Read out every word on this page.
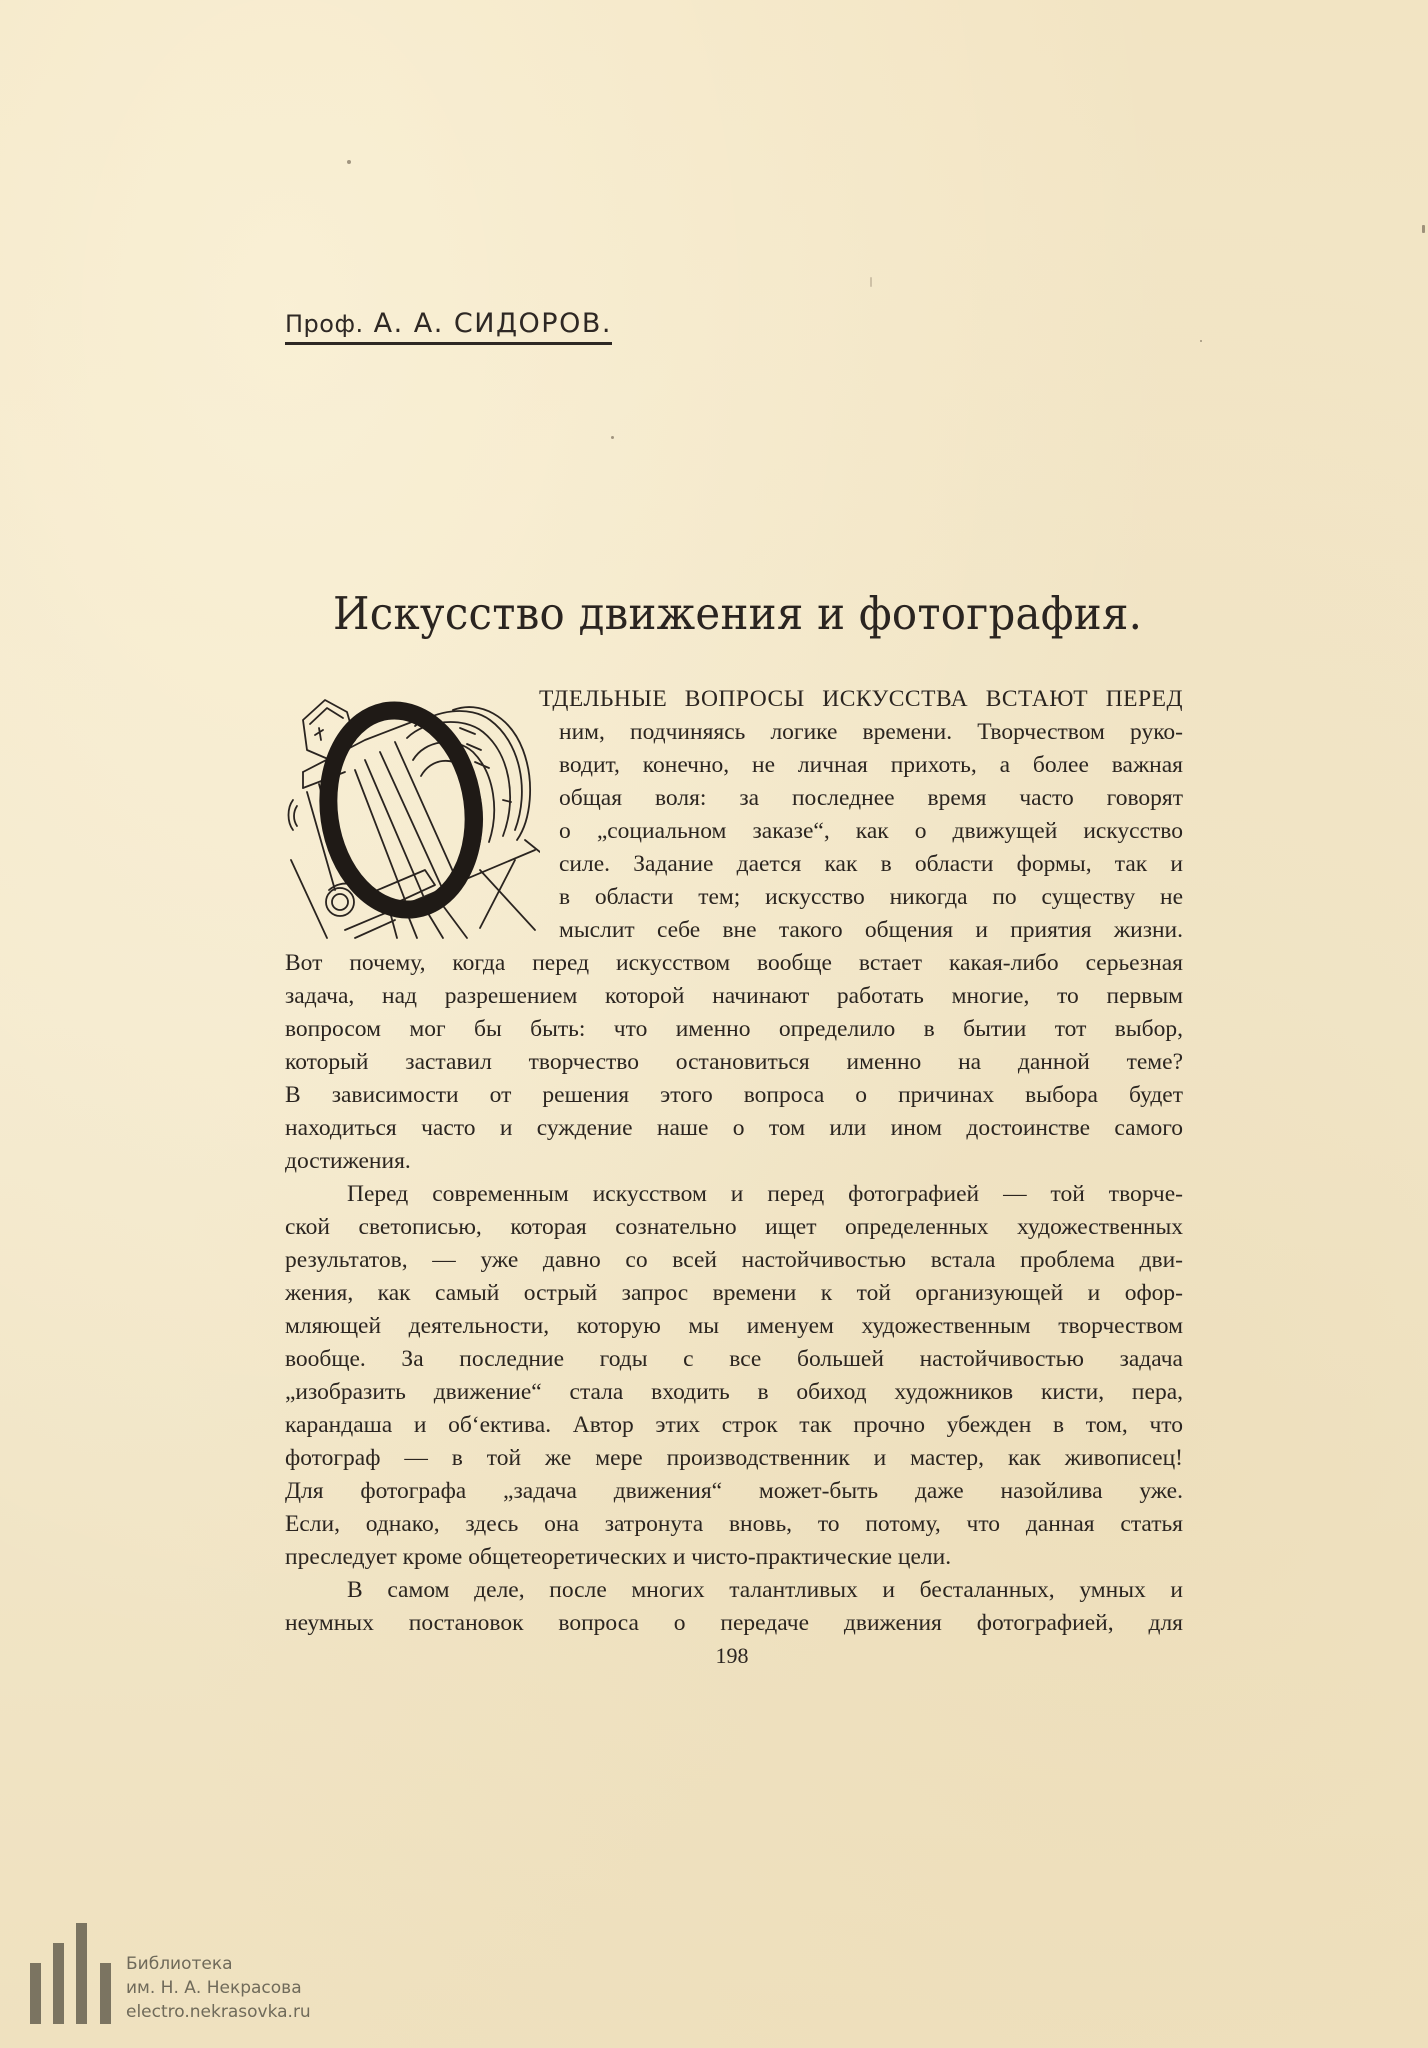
Проф. А. А. СИДОРОВ.
Искусство движения и фотография.
О
ТДЕЛЬНЫЕ ВОПРОСЫ ИСКУССТВА ВСТАЮТ ПЕРЕД
ним, подчиняясь логике времени. Творчеством руко-
водит, конечно, не личная прихоть, а более важная
общая воля: за последнее время часто говорят
о „социальном заказе“, как о движущей искусство
силе. Задание дается как в области формы, так и
в области тем; искусство никогда по существу не
мыслит себе вне такого общения и приятия жизни.
Вот почему, когда перед искусством вообще встает какая-либо серьезная
задача, над разрешением которой начинают работать многие, то первым
вопросом мог бы быть: что именно определило в бытии тот выбор,
который заставил творчество остановиться именно на данной теме?
В зависимости от решения этого вопроса о причинах выбора будет
находиться часто и суждение наше о том или ином достоинстве самого
достижения.
Перед современным искусством и перед фотографией — той творче-
ской светописью, которая сознательно ищет определенных художественных
результатов, — уже давно со всей настойчивостью встала проблема дви-
жения, как самый острый запрос времени к той организующей и офор-
мляющей деятельности, которую мы именуем художественным творчеством
вообще. За последние годы с все большей настойчивостью задача
„изобразить движение“ стала входить в обиход художников кисти, пера,
карандаша и об‘ектива. Автор этих строк так прочно убежден в том, что
фотограф — в той же мере производственник и мастер, как живописец!
Для фотографа „задача движения“ может-быть даже назойлива уже.
Если, однако, здесь она затронута вновь, то потому, что данная статья
преследует кроме общетеоретических и чисто-практические цели.
В самом деле, после многих талантливых и бесталанных, умных и
неумных постановок вопроса о передаче движения фотографией, для
198
Библиотека
им. Н. А. Некрасова
electro.nekrasovka.ru
